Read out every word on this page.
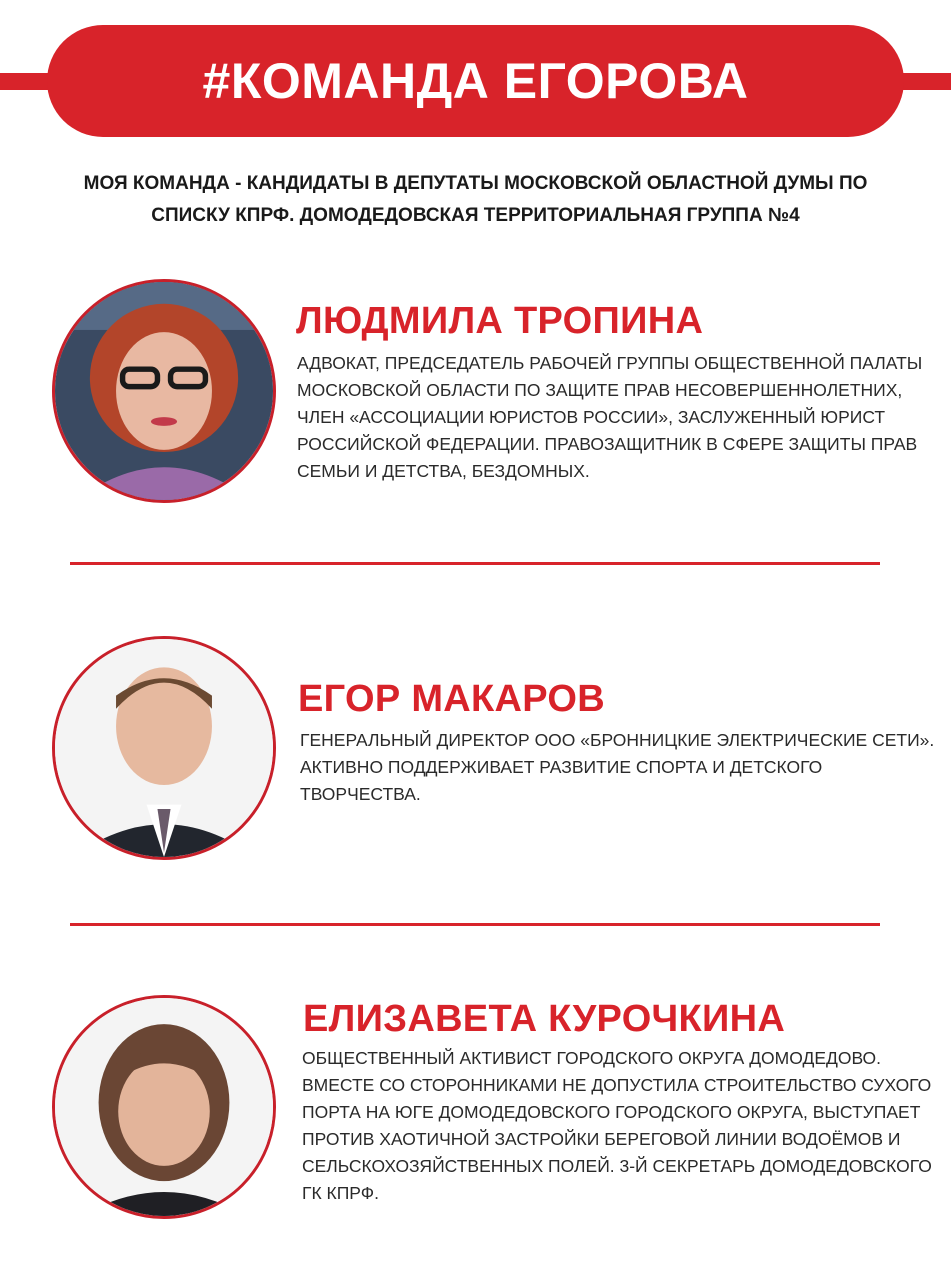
#КОМАНДА ЕГОРОВА
МОЯ КОМАНДА - КАНДИДАТЫ В ДЕПУТАТЫ МОСКОВСКОЙ ОБЛАСТНОЙ ДУМЫ ПО
СПИСКУ КПРФ. ДОМОДЕДОВСКАЯ ТЕРРИТОРИАЛЬНАЯ ГРУППА №4
ЛЮДМИЛА ТРОПИНА
АДВОКАТ, ПРЕДСЕДАТЕЛЬ РАБОЧЕЙ ГРУППЫ ОБЩЕСТВЕННОЙ ПАЛАТЫ
МОСКОВСКОЙ ОБЛАСТИ ПО ЗАЩИТЕ ПРАВ НЕСОВЕРШЕННОЛЕТНИХ,
ЧЛЕН «АССОЦИАЦИИ ЮРИСТОВ РОССИИ», ЗАСЛУЖЕННЫЙ ЮРИСТ
РОССИЙСКОЙ ФЕДЕРАЦИИ. ПРАВОЗАЩИТНИК В СФЕРЕ ЗАЩИТЫ ПРАВ
СЕМЬИ И ДЕТСТВА, БЕЗДОМНЫХ.
ЕГОР МАКАРОВ
ГЕНЕРАЛЬНЫЙ ДИРЕКТОР ООО «БРОННИЦКИЕ ЭЛЕКТРИЧЕСКИЕ СЕТИ».
АКТИВНО ПОДДЕРЖИВАЕТ РАЗВИТИЕ СПОРТА И ДЕТСКОГО
ТВОРЧЕСТВА.
ЕЛИЗАВЕТА КУРОЧКИНА
ОБЩЕСТВЕННЫЙ АКТИВИСТ ГОРОДСКОГО ОКРУГА ДОМОДЕДОВО.
ВМЕСТЕ СО СТОРОННИКАМИ НЕ ДОПУСТИЛА СТРОИТЕЛЬСТВО СУХОГО
ПОРТА НА ЮГЕ ДОМОДЕДОВСКОГО ГОРОДСКОГО ОКРУГА, ВЫСТУПАЕТ
ПРОТИВ ХАОТИЧНОЙ ЗАСТРОЙКИ БЕРЕГОВОЙ ЛИНИИ ВОДОЁМОВ И
СЕЛЬСКОХОЗЯЙСТВЕННЫХ ПОЛЕЙ. 3-Й СЕКРЕТАРЬ ДОМОДЕДОВСКОГО
ГК КПРФ.
